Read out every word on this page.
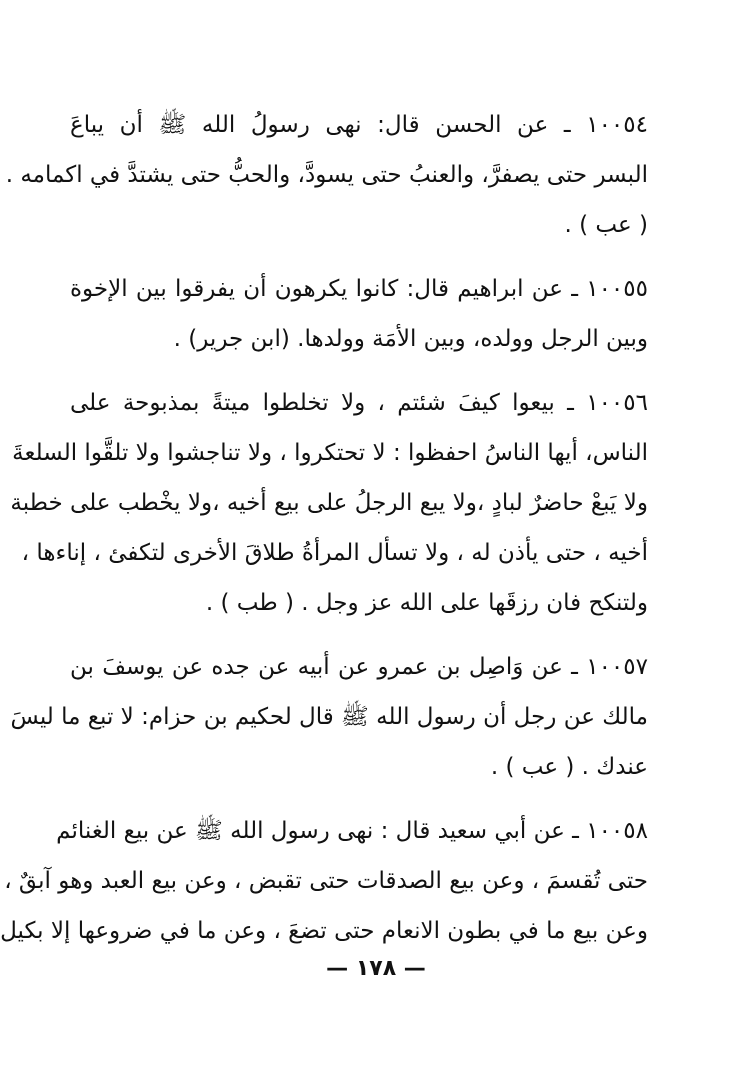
١٠٠٥٤ ـ عن الحسن قال: نهى رسولُ الله ﷺ أن يباعَ
البسر حتى يصفرَّ، والعنبُ حتى يسودَّ، والحبُّ حتى يشتدَّ في اكمامه .
( عب ) .
١٠٠٥٥ ـ عن ابراهيم قال: كانوا يكرهون أن يفرقوا بين الإخوة
وبين الرجل وولده، وبين الأمَة وولدها. (ابن جرير) .
١٠٠٥٦ ـ بيعوا كيفَ شئتم ، ولا تخلطوا ميتةً بمذبوحة على
الناس، أيها الناسُ احفظوا : لا تحتكروا ، ولا تناجشوا ولا تلقَّوا السلعةَ
ولا يَبعْ حاضرٌ لبادٍ ،ولا يبع الرجلُ على بيع أخيه ،ولا يخْطب على خطبة
أخيه ، حتى يأذن له ، ولا تسأل المرأةُ طلاقَ الأخرى لتكفئ ، إناءها ،
ولتنكح فان رزقَها على الله عز وجل . ( طب ) .
١٠٠٥٧ ـ عن وَاصِل بن عمرو عن أبيه عن جده عن يوسفَ بن
مالك عن رجل أن رسول الله ﷺ قال لحكيم بن حزام: لا تبع ما ليسَ
عندك . ( عب ) .
١٠٠٥٨ ـ عن أبي سعيد قال : نهى رسول الله ﷺ عن بيع الغنائم
حتى تُقسمَ ، وعن بيع الصدقات حتى تقبض ، وعن بيع العبد وهو آبقٌ ،
وعن بيع ما في بطون الانعام حتى تضعَ ، وعن ما في ضروعها إلا بكيل
— ١٧٨ —
